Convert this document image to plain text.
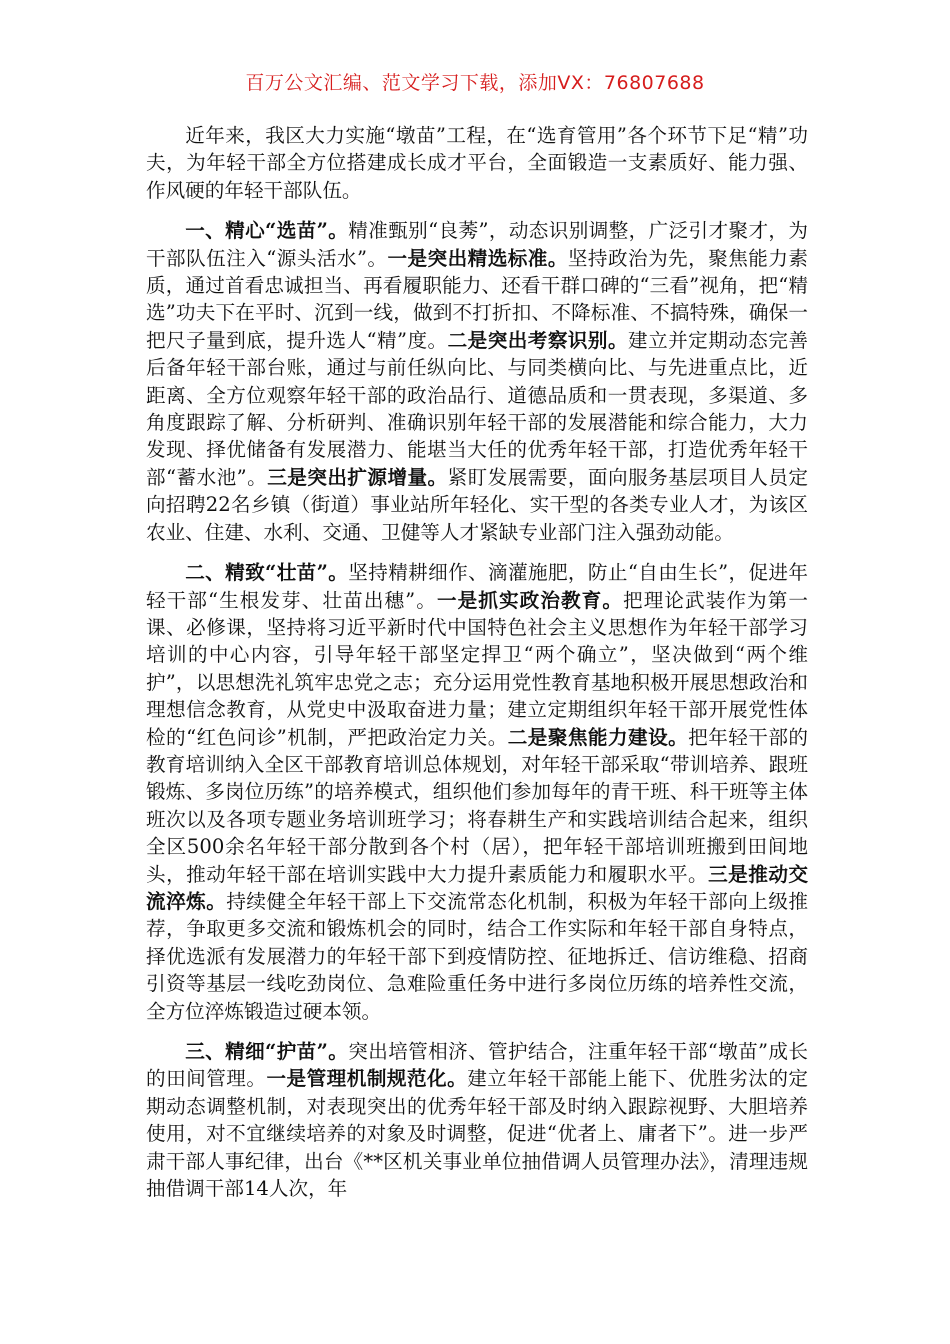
百万公文汇编、范文学习下载，添加VX：76807688

近年来，我区大力实施“墩苗”工程，在“选育管用”各个环节下足“精”功夫，为年轻干部全方位搭建成长成才平台，全面锻造一支素质好、能力强、作风硬的年轻干部队伍。

一、精心“选苗”。精准甄别“良莠”，动态识别调整，广泛引才聚才，为干部队伍注入“源头活水”。一是突出精选标准。坚持政治为先，聚焦能力素质，通过首看忠诚担当、再看履职能力、还看干群口碑的“三看”视角，把“精选”功夫下在平时、沉到一线，做到不打折扣、不降标准、不搞特殊，确保一把尺子量到底，提升选人“精”度。二是突出考察识别。建立并定期动态完善后备年轻干部台账，通过与前任纵向比、与同类横向比、与先进重点比，近距离、全方位观察年轻干部的政治品行、道德品质和一贯表现，多渠道、多角度跟踪了解、分析研判、准确识别年轻干部的发展潜能和综合能力，大力发现、择优储备有发展潜力、能堪当大任的优秀年轻干部，打造优秀年轻干部“蓄水池”。三是突出扩源增量。紧盯发展需要，面向服务基层项目人员定向招聘22名乡镇（街道）事业站所年轻化、实干型的各类专业人才，为该区农业、住建、水利、交通、卫健等人才紧缺专业部门注入强劲动能。

二、精致“壮苗”。坚持精耕细作、滴灌施肥，防止“自由生长”，促进年轻干部“生根发芽、壮苗出穗”。一是抓实政治教育。把理论武装作为第一课、必修课，坚持将习近平新时代中国特色社会主义思想作为年轻干部学习培训的中心内容，引导年轻干部坚定捍卫“两个确立”，坚决做到“两个维护”，以思想洗礼筑牢忠党之志；充分运用党性教育基地积极开展思想政治和理想信念教育，从党史中汲取奋进力量；建立定期组织年轻干部开展党性体检的“红色问诊”机制，严把政治定力关。二是聚焦能力建设。把年轻干部的教育培训纳入全区干部教育培训总体规划，对年轻干部采取“带训培养、跟班锻炼、多岗位历练”的培养模式，组织他们参加每年的青干班、科干班等主体班次以及各项专题业务培训班学习；将春耕生产和实践培训结合起来，组织全区500余名年轻干部分散到各个村（居），把年轻干部培训班搬到田间地头，推动年轻干部在培训实践中大力提升素质能力和履职水平。三是推动交流淬炼。持续健全年轻干部上下交流常态化机制，积极为年轻干部向上级推荐，争取更多交流和锻炼机会的同时，结合工作实际和年轻干部自身特点，择优选派有发展潜力的年轻干部下到疫情防控、征地拆迁、信访维稳、招商引资等基层一线吃劲岗位、急难险重任务中进行多岗位历练的培养性交流，全方位淬炼锻造过硬本领。

三、精细“护苗”。突出培管相济、管护结合，注重年轻干部“墩苗”成长的田间管理。一是管理机制规范化。建立年轻干部能上能下、优胜劣汰的定期动态调整机制，对表现突出的优秀年轻干部及时纳入跟踪视野、大胆培养使用，对不宜继续培养的对象及时调整，促进“优者上、庸者下”。进一步严肃干部人事纪律，出台《**区机关事业单位抽借调人员管理办法》，清理违规抽借调干部14人次，年
